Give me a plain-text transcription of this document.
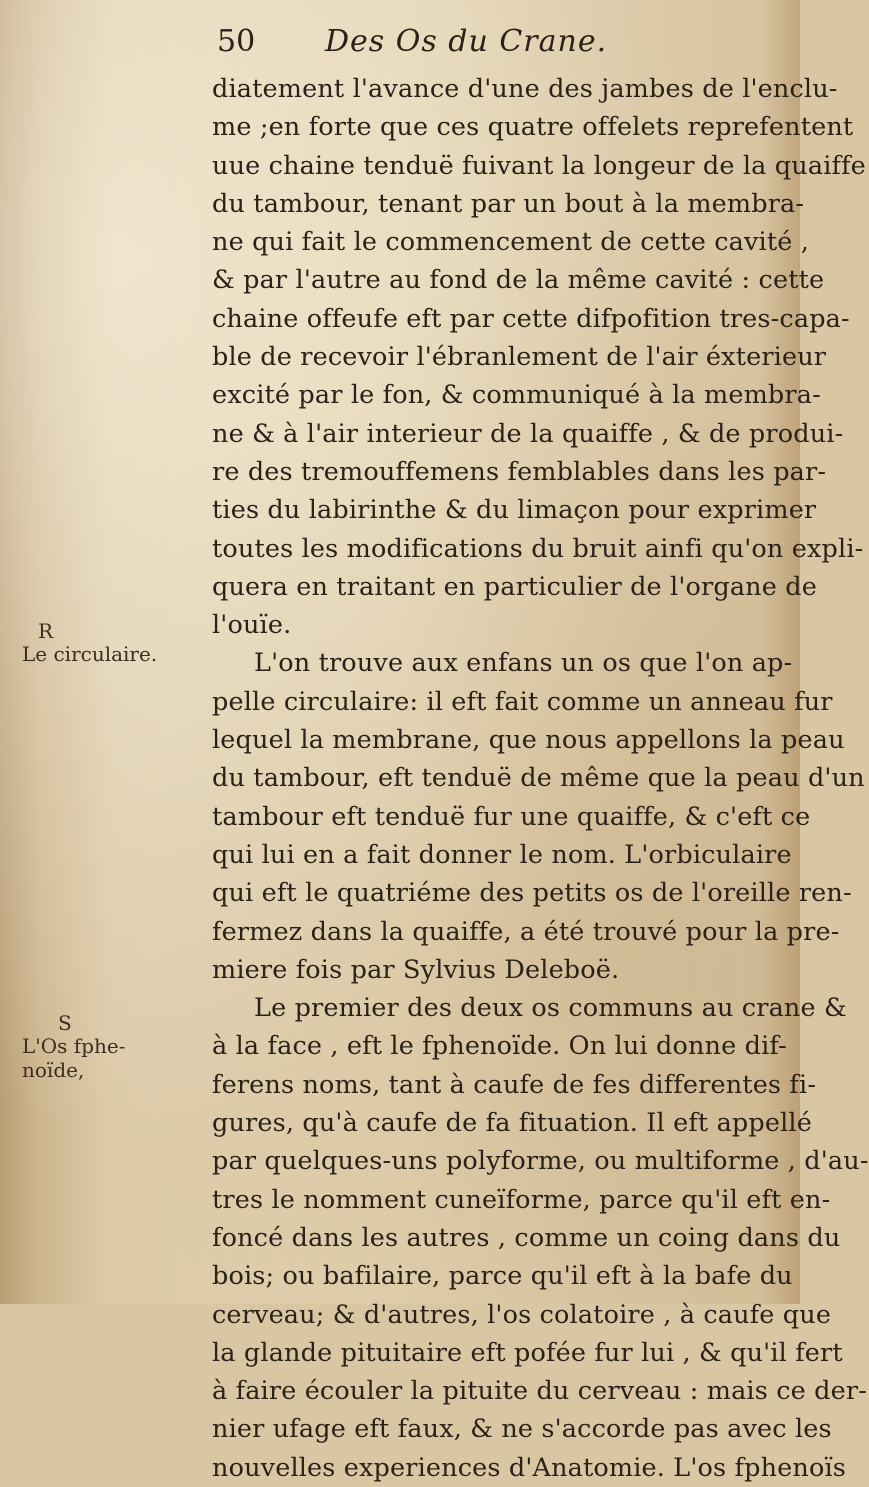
50 Des Os du Crane.
R
Le circulaire.
S
L'Os fphe-
noïde,
diatement l'avance d'une des jambes de l'enclu-
me ;en forte que ces quatre offelets reprefentent
uue chaine tenduë fuivant la longeur de la quaiffe
du tambour, tenant par un bout à la membra-
ne qui fait le commencement de cette cavité ,
& par l'autre au fond de la même cavité : cette
chaine offeufe eft par cette difpofition tres-capa-
ble de recevoir l'ébranlement de l'air éxterieur
excité par le fon, & communiqué à la membra-
ne & à l'air interieur de la quaiffe , & de produi-
re des tremouffemens femblables dans les par-
ties du labirinthe & du limaçon pour exprimer
toutes les modifications du bruit ainfi qu'on expli-
quera en traitant en particulier de l'organe de
l'ouïe.
L'on trouve aux enfans un os que l'on ap-
pelle circulaire: il eft fait comme un anneau fur
lequel la membrane, que nous appellons la peau
du tambour, eft tenduë de même que la peau d'un
tambour eft tenduë fur une quaiffe, & c'eft ce
qui lui en a fait donner le nom. L'orbiculaire
qui eft le quatriéme des petits os de l'oreille ren-
fermez dans la quaiffe, a été trouvé pour la pre-
miere fois par Sylvius Deleboë.
Le premier des deux os communs au crane &
à la face , eft le fphenoïde. On lui donne dif-
ferens noms, tant à caufe de fes differentes fi-
gures, qu'à caufe de fa fituation. Il eft appellé
par quelques-uns polyforme, ou multiforme , d'au-
tres le nomment cuneïforme, parce qu'il eft en-
foncé dans les autres , comme un coing dans du
bois; ou bafilaire, parce qu'il eft à la bafe du
cerveau; & d'autres, l'os colatoire , à caufe que
la glande pituitaire eft pofée fur lui , & qu'il fert
à faire écouler la pituite du cerveau : mais ce der-
nier ufage eft faux, & ne s'accorde pas avec les
nouvelles experiences d'Anatomie. L'os fphenoïs
